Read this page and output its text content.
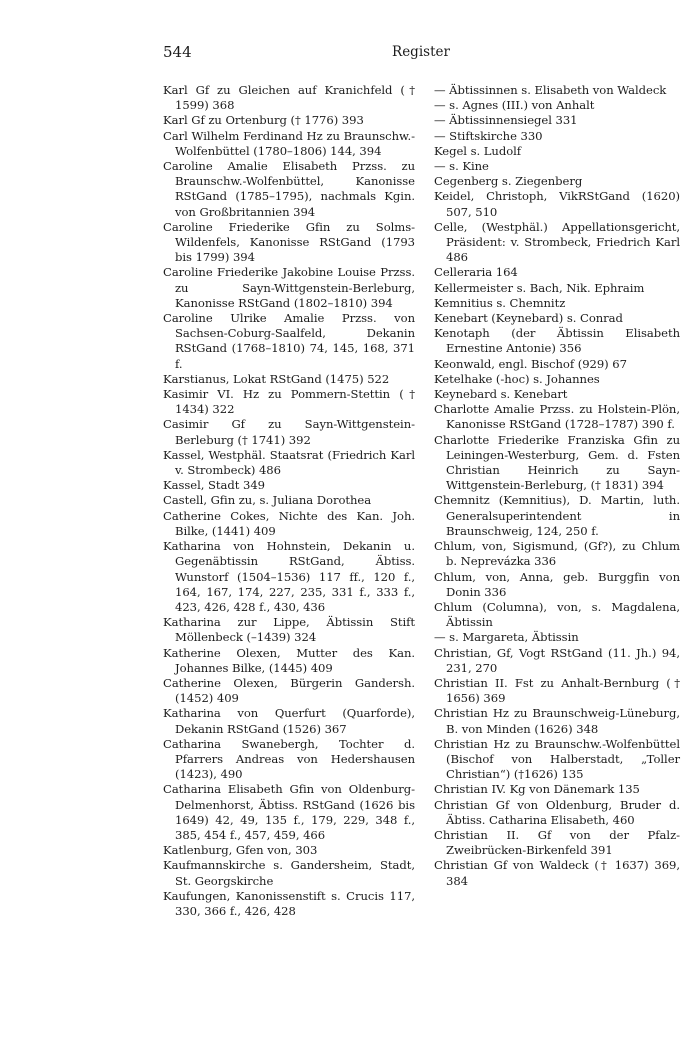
544	Register
Karl Gf zu Gleichen auf Kranichfeld († 1599) 368
Karl Gf zu Ortenburg († 1776) 393
Carl Wilhelm Ferdinand Hz zu Braunschw.-Wolfenbüttel (1780–1806) 144, 394
Caroline Amalie Elisabeth Przss. zu Braunschw.-Wolfenbüttel, Kanonisse RStGand (1785–1795), nachmals Kgin. von Großbritannien 394
Caroline Friederike Gfin zu Solms-Wildenfels, Kanonisse RStGand (1793 bis 1799) 394
Caroline Friederike Jakobine Louise Przss. zu Sayn-Wittgenstein-Berleburg, Kanonisse RStGand (1802–1810) 394
Caroline Ulrike Amalie Przss. von Sachsen-Coburg-Saalfeld, Dekanin RStGand (1768–1810) 74, 145, 168, 371 f.
Karstianus, Lokat RStGand (1475) 522
Kasimir VI. Hz zu Pommern-Stettin († 1434) 322
Casimir Gf zu Sayn-Wittgenstein-Berleburg († 1741) 392
Kassel, Westphäl. Staatsrat (Friedrich Karl v. Strombeck) 486
Kassel, Stadt 349
Castell, Gfin zu, s. Juliana Dorothea
Catherine Cokes, Nichte des Kan. Joh. Bilke, (1441) 409
Katharina von Hohnstein, Dekanin u. Gegenäbtissin RStGand, Äbtiss. Wunstorf (1504–1536) 117 ff., 120 f., 164, 167, 174, 227, 235, 331 f., 333 f., 423, 426, 428 f., 430, 436
Katharina zur Lippe, Äbtissin Stift Möllenbeck (–1439) 324
Katherine Olexen, Mutter des Kan. Johannes Bilke, (1445) 409
Catherine Olexen, Bürgerin Gandersh. (1452) 409
Katharina von Querfurt (Quarforde), Dekanin RStGand (1526) 367
Catharina Swanebergh, Tochter d. Pfarrers Andreas von Hedershausen (1423), 490
Catharina Elisabeth Gfin von Oldenburg-Delmenhorst, Äbtiss. RStGand (1626 bis 1649) 42, 49, 135 f., 179, 229, 348 f., 385, 454 f., 457, 459, 466
Katlenburg, Gfen von, 303
Kaufmannskirche s. Gandersheim, Stadt, St. Georgskirche
Kaufungen, Kanonissenstift s. Crucis 117, 330, 366 f., 426, 428
— Äbtissinnen s. Elisabeth von Waldeck
— s. Agnes (III.) von Anhalt
— Äbtissinnensiegel 331
— Stiftskirche 330
Kegel s. Ludolf
— s. Kine
Cegenberg s. Ziegenberg
Keidel, Christoph, VikRStGand (1620) 507, 510
Celle, (Westphäl.) Appellationsgericht, Präsident: v. Strombeck, Friedrich Karl 486
Celleraria 164
Kellermeister s. Bach, Nik. Ephraim
Kemnitius s. Chemnitz
Kenebart (Keynebard) s. Conrad
Kenotaph (der Äbtissin Elisabeth Ernestine Antonie) 356
Keonwald, engl. Bischof (929) 67
Ketelhake (-hoc) s. Johannes
Keynebard s. Kenebart
Charlotte Amalie Przss. zu Holstein-Plön, Kanonisse RStGand (1728–1787) 390 f.
Charlotte Friederike Franziska Gfin zu Leiningen-Westerburg, Gem. d. Fsten Christian Heinrich zu Sayn-Wittgenstein-Berleburg, († 1831) 394
Chemnitz (Kemnitius), D. Martin, luth. Generalsuperintendent in Braunschweig, 124, 250 f.
Chlum, von, Sigismund, (Gf?), zu Chlum b. Neprevázka 336
Chlum, von, Anna, geb. Burggfin von Donin 336
Chlum (Columna), von, s. Magdalena, Äbtissin
— s. Margareta, Äbtissin
Christian, Gf, Vogt RStGand (11. Jh.) 94, 231, 270
Christian II. Fst zu Anhalt-Bernburg († 1656) 369
Christian Hz zu Braunschweig-Lüneburg, B. von Minden (1626) 348
Christian Hz zu Braunschw.-Wolfenbüttel (Bischof von Halberstadt, „Toller Christian“) (†1626) 135
Christian IV. Kg von Dänemark 135
Christian Gf von Oldenburg, Bruder d. Äbtiss. Catharina Elisabeth, 460
Christian II. Gf von der Pfalz-Zweibrücken-Birkenfeld 391
Christian Gf von Waldeck († 1637) 369, 384
